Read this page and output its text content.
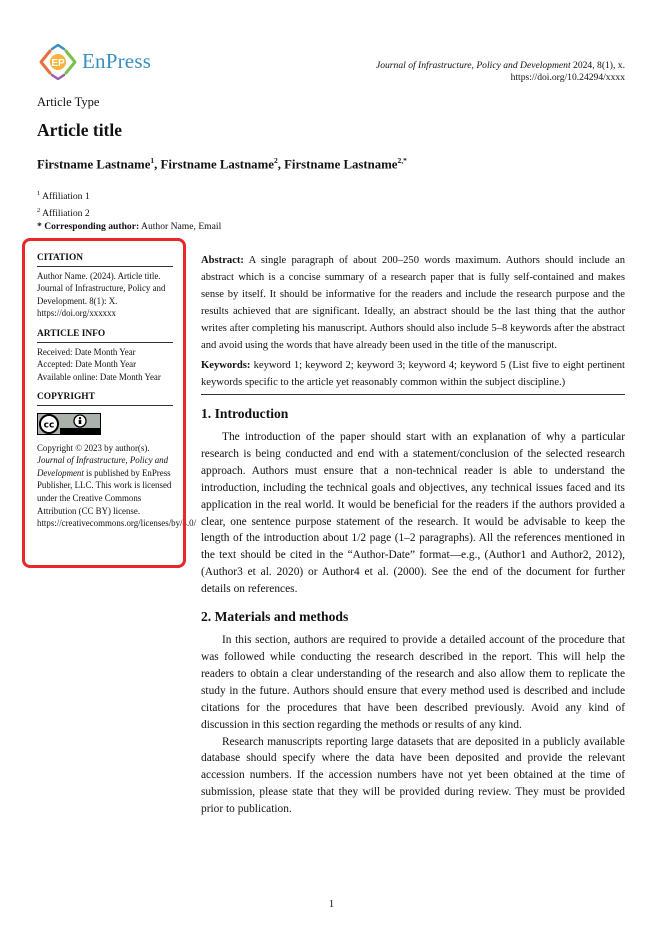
EP EnPress	Journal of Infrastructure, Policy and Development 2024, 8(1), x.
https://doi.org/10.24294/xxxx
Article Type
Article title
Firstname Lastname$^1$, Firstname Lastname$^2$, Firstname Lastname$^{2,*}$
$^1$ Affiliation 1
$^2$ Affiliation 2
* Corresponding author: Author Name, Email
CITATION

Author Name. (2024). Article title. Journal of Infrastructure, Policy and Development. 8(1): X. https://doi.org/xxxxxx

ARTICLE INFO

Received: Date Month Year

Accepted: Date Month Year

Available online: Date Month Year

COPYRIGHT
cc

Copyright © 2023 by author(s).

Journal of Infrastructure, Policy and Development is published by EnPress Publisher, LLC. This work is licensed under the Creative Commons Attribution (CC BY) license. https://creativecommons.org/licenses/by/4.0/

Abstract: A single paragraph of about 200–250 words maximum. Authors should include an abstract which is a concise summary of a research paper that is fully self-contained and makes sense by itself. It should be informative for the readers and include the research purpose and the results achieved that are significant. Ideally, an abstract should be the last thing that the author writes after completing his manuscript. Authors should also include 5–8 keywords after the abstract and avoid using the words that have already been used in the title of the manuscript.

Keywords: keyword 1; keyword 2; keyword 3; keyword 4; keyword 5 (List five to eight pertinent keywords specific to the article yet reasonably common within the subject discipline.)

1. Introduction

The introduction of the paper should start with an explanation of why a particular research is being conducted and end with a statement/conclusion of the selected research approach. Authors must ensure that a non-technical reader is able to understand the introduction, including the technical goals and objectives, any technical issues faced and its application in the real world. It would be beneficial for the readers if the authors provided a clear, one sentence purpose statement of the research. It would be advisable to keep the length of the introduction about 1/2 page (1–2 paragraphs). All the references mentioned in the text should be cited in the “Author-Date” format—e.g., (Author1 and Author2, 2012), (Author3 et al. 2020) or Author4 et al. (2000). See the end of the document for further details on references.

2. Materials and methods

In this section, authors are required to provide a detailed account of the procedure that was followed while conducting the research described in the report. This will help the readers to obtain a clear understanding of the research and also allow them to replicate the study in the future. Authors should ensure that every method used is described and include citations for the procedures that have been described previously. Avoid any kind of discussion in this section regarding the methods or results of any kind.

Research manuscripts reporting large datasets that are deposited in a publicly available database should specify where the data have been deposited and provide the relevant accession numbers. If the accession numbers have not yet been obtained at the time of submission, please state that they will be provided during review. They must be provided prior to publication.

1
